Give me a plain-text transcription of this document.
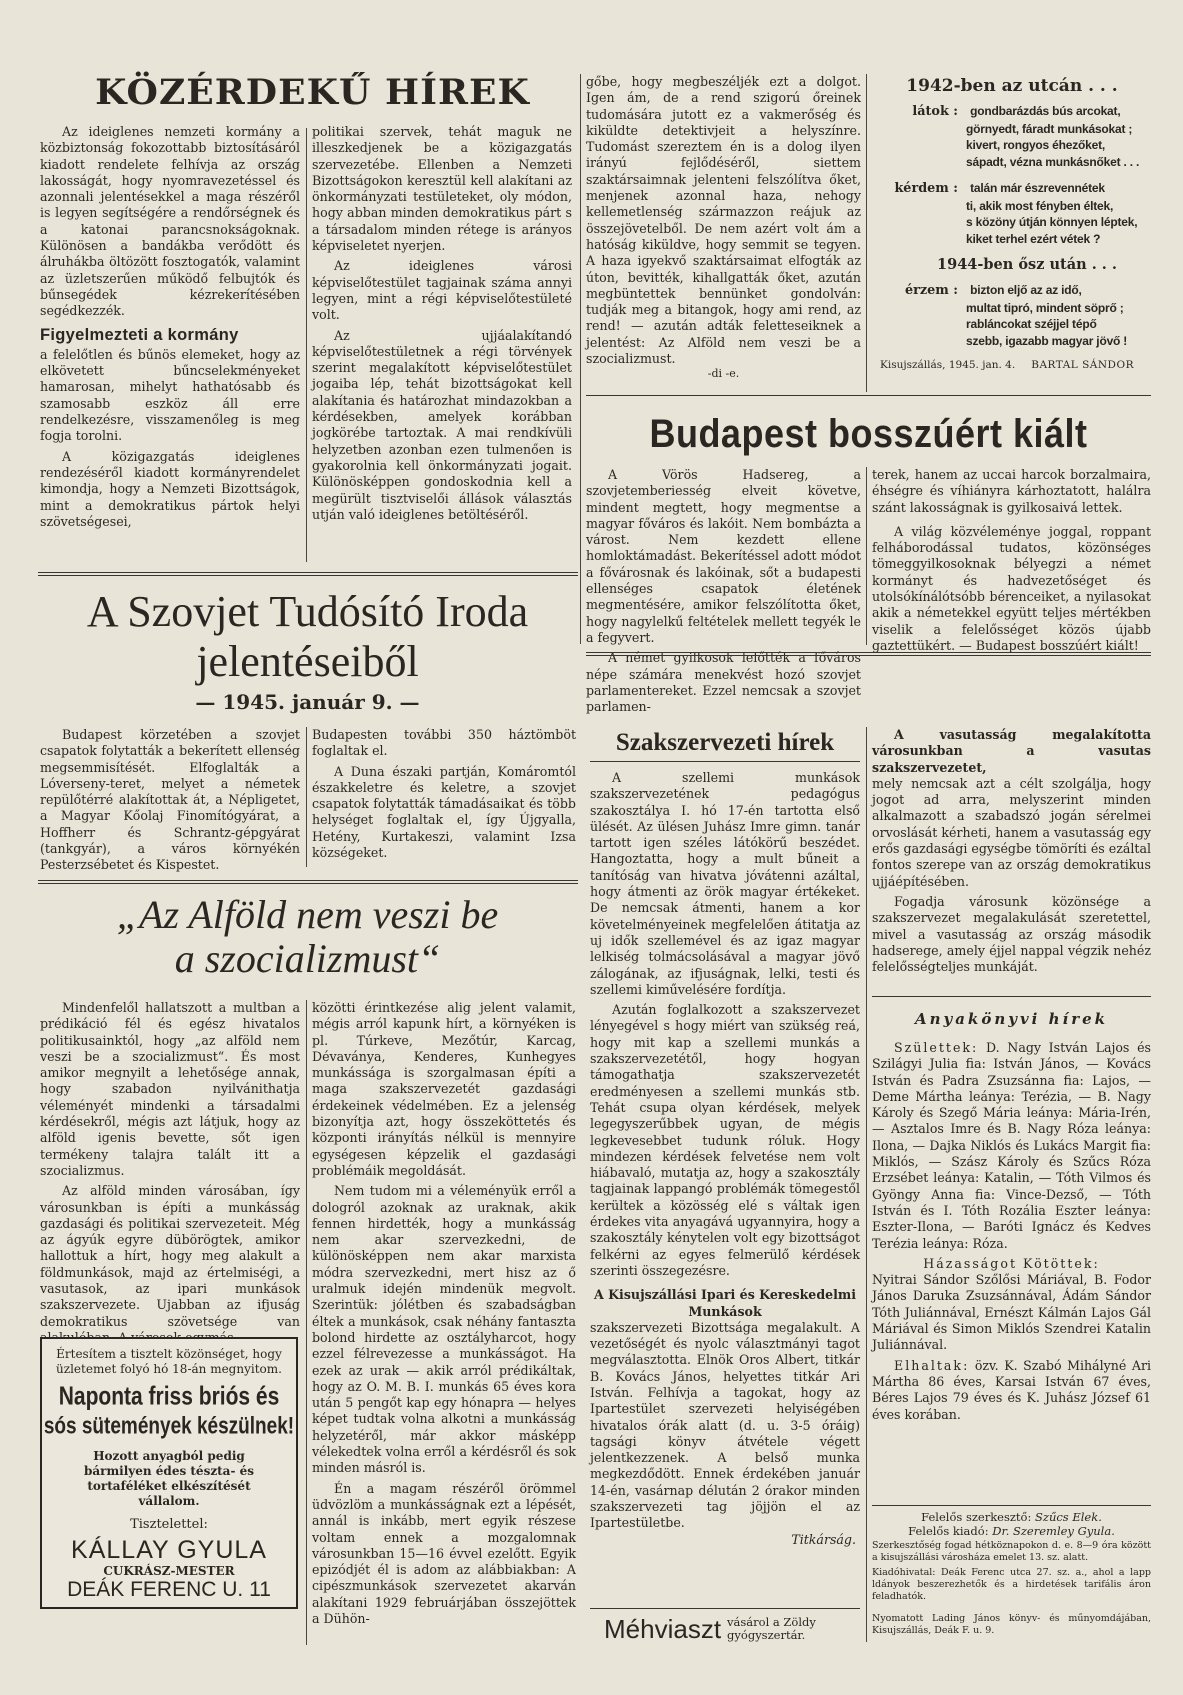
KÖZÉRDEKŰ HÍREK

Az ideiglenes nemzeti kormány a közbiztonság fokozottabb biztosításáról kiadott rendelete felhívja az ország lakosságát, hogy nyomravezetéssel és azonnali jelentésekkel a maga részéről is legyen segítségére a rendőrségnek és a katonai parancsnokságoknak. Különösen a bandákba verődött és álruhákba öltözött fosztogatók, valamint az üzletszerűen működő felbujtók és bűnsegédek kézrekerítésében segédkezzék.

Figyelmezteti a kormány

a felelőtlen és bűnös elemeket, hogy az elkövetett bűncselekményeket hamarosan, mihelyt hathatósabb és szamosabb eszköz áll erre rendelkezésre, visszamenőleg is meg fogja torolni.

A közigazgatás ideiglenes rendezéséről kiadott kormányrendelet kimondja, hogy a Nemzeti Bizottságok, mint a demokratikus pártok helyi szövetségesei,

politikai szervek, tehát maguk ne illeszkedjenek be a közigazgatás szervezetébe. Ellenben a Nemzeti Bizottságokon keresztül kell alakítani az önkormányzati testületeket, oly módon, hogy abban minden demokratikus párt s a társadalom minden rétege is arányos képviseletet nyerjen.

Az ideiglenes városi képviselőtestület tagjainak száma annyi legyen, mint a régi képviselőtestületé volt.

Az ujjáalakítandó képviselőtestületnek a régi törvények szerint megalakított képviselőtestület jogaiba lép, tehát bizottságokat kell alakítania és határozhat mindazokban a kérdésekben, amelyek korábban jogkörébe tartoztak. A mai rendkívüli helyzetben azonban ezen tulmenően is gyakorolnia kell önkormányzati jogait. Különösképpen gondoskodnia kell a megürült tisztviselői állások választás utján való ideiglenes betöltéséről.

gőbe, hogy megbeszéljék ezt a dolgot. Igen ám, de a rend szigorú őreinek tudomására jutott ez a vakmerőség és kiküldte detektivjeit a helyszínre. Tudomást szereztem én is a dolog ilyen irányú fejlődéséről, siettem szaktársaimnak jelenteni felszólítva őket, menjenek azonnal haza, nehogy kellemetlenség származzon reájuk az összejövetelből. De nem azért volt ám a hatóság kiküldve, hogy semmit se tegyen. A haza igyekvő szaktársaimat elfogták az úton, bevitték, kihallgatták őket, azután megbüntettek bennünket gondolván: tudják meg a bitangok, hogy ami rend, az rend! — azután adták feletteseiknek a jelentést: Az Alföld nem veszi be a szocializmust.

-di -e.
1942-ben az utcán . . .
látok : gondbarázdás bús arcokat,
görnyedt, fáradt munkásokat ;
kivert, rongyos éhezőket,
sápadt, vézna munkásnőket . . .
kérdem : talán már észrevennétek
ti, akik most fényben éltek,
s közöny útján könnyen léptek,
kiket terhel ezért vétek ?
1944-ben ősz után . . .
érzem : bizton eljő az az idő,
multat tipró, mindent söprő ;
rabláncokat széjjel tépő
szebb, igazabb magyar jövő !
Kisujszállás, 1945. jan. 4. BARTAL SÁNDOR
Budapest bosszúért kiált

A Vörös Hadsereg, a szovjetemberiesség elveit követve, mindent megtett, hogy megmentse a magyar főváros és lakóit. Nem bombázta a várost. Nem kezdett ellene homloktámadást. Bekerítéssel adott módot a fővárosnak és lakóinak, sőt a budapesti ellenséges csapatok életének megmentésére, amikor felszólította őket, hogy nagylelkű feltételek mellett tegyék le a fegyvert.

A német gyilkosok lelőtték a főváros népe számára menekvést hozó szovjet parlamentereket. Ezzel nemcsak a szovjet parlamen-

terek, hanem az uccai harcok borzalmaira, éhségre és víhiányra kárhoztatott, halálra szánt lakosságnak is gyilkosaivá lettek.

A világ közvéleménye joggal, roppant felháborodással tudatos, közönséges tömeggyilkosoknak bélyegzi a német kormányt és hadvezetőséget és utolsókínálótsóbb bérenceiket, a nyilasokat akik a németekkel együtt teljes mértékben viselik a felelősséget közös újabb gaztettükért. — Budapest bosszúért kiált!

A Szovjet Tudósító Iroda
jelentéseiből
— 1945. január 9. —

Budapest körzetében a szovjet csapatok folytatták a bekerített ellenség megsemmisítését. Elfoglalták a Lóverseny-teret, melyet a németek repülőtérré alakítottak át, a Népligetet, a Magyar Kőolaj Finomítógyárat, a Hoffherr és Schrantz-gépgyárat (tankgyár), a város környékén Pesterzsébetet és Kispestet.

Budapesten további 350 háztömböt foglaltak el.

A Duna északi partján, Komáromtól északkeletre és keletre, a szovjet csapatok folytatták támadásaikat és több helységet foglaltak el, így Újgyalla, Hetény, Kurtakeszi, valamint Izsa községeket.

Szakszervezeti hírek

A szellemi munkások szakszervezetének pedagógus szakosztálya I. hó 17-én tartotta első ülését. Az ülésen Juhász Imre gimn. tanár tartott igen széles látókörű beszédet. Hangoztatta, hogy a mult bűneit a tanítóság van hivatva jóvátenni azáltal, hogy átmenti az örök magyar értékeket. De nemcsak átmenti, hanem a kor követelményeinek megfelelően átitatja az uj idők szellemével és az igaz magyar lelkiség tolmácsolásával a magyar jövő zálogának, az ifjuságnak, lelki, testi és szellemi kiművelésére fordítja.

Azután foglalkozott a szakszervezet lényegével s hogy miért van szükség reá, hogy mit kap a szellemi munkás a szakszervezetétől, hogy hogyan támogathatja szakszervezetét eredményesen a szellemi munkás stb. Tehát csupa olyan kérdések, melyek legegyszerűbbek ugyan, de mégis legkevesebbet tudunk róluk. Hogy mindezen kérdések felvetése nem volt hiábavaló, mutatja az, hogy a szakosztály tagjainak lappangó problémák tömegestől kerültek a közösség elé s váltak igen érdekes vita anyagává ugyannyira, hogy a szakosztály kénytelen volt egy bizottságot felkérni az egyes felmerülő kérdések szerinti összegezésre.

A Kisujszállási Ipari és Kereskedelmi Munkások

szakszervezeti Bizottsága megalakult. A vezetőségét és nyolc választmányi tagot megválasztotta. Elnök Oros Albert, titkár B. Kovács János, helyettes titkár Ari István. Felhívja a tagokat, hogy az Ipartestület szervezeti helyiségében hivatalos órák alatt (d. u. 3-5 óráig) tagsági könyv átvétele végett jelentkezzenek. A belső munka megkezdődött. Ennek érdekében január 14-én, vasárnap délután 2 órakor minden szakszervezeti tag jöjjön el az Ipartestületbe.

Titkárság.

A vasutasság megalakította városunkban a vasutas szakszervezetet,

mely nemcsak azt a célt szolgálja, hogy jogot ad arra, melyszerint minden alkalmazott a szabadszó jogán sérelmei orvoslását kérheti, hanem a vasutasság egy erős gazdasági egységbe tömöríti és ezáltal fontos szerepe van az ország demokratikus ujjáépítésében.

Fogadja városunk közönsége a szakszervezet megalakulását szeretettel, mivel a vasutasság az ország második hadserege, amely éjjel nappal végzik nehéz felelősségteljes munkáját.

Anyakönyvi hírek

Születtek: D. Nagy István Lajos és Szilágyi Julia fia: István János, — Kovács István és Padra Zsuzsánna fia: Lajos, — Deme Mártha leánya: Terézia, — B. Nagy Károly és Szegő Mária leánya: Mária-Irén, — Asztalos Imre és B. Nagy Róza leánya: Ilona, — Dajka Niklós és Lukács Margit fia: Miklós, — Szász Károly és Szűcs Róza Erzsébet leánya: Katalin, — Tóth Vilmos és Gyöngy Anna fia: Vince-Dezső, — Tóth István és I. Tóth Rozália Eszter leánya: Eszter-Ilona, — Baróti Ignácz és Kedves Terézia leánya: Róza.

Házasságot Kötöttek:

Nyitrai Sándor Szőlősi Máriával, B. Fodor János Daruka Zsuzsánnával, Ádám Sándor Tóth Juliánnával, Ernészt Kálmán Lajos Gál Máriával és Simon Miklós Szendrei Katalin Juliánnával.

Elhaltak: özv. K. Szabó Mihályné Ari Mártha 86 éves, Karsai István 67 éves, Béres Lajos 79 éves és K. Juhász József 61 éves korában.

Felelős szerkesztő: Szűcs Elek.
Felelős kiadó: Dr. Szeremley Gyula.
Szerkesztőség fogad hétköznapokon d. e. 8—9 óra között a kisujszállási városháza emelet 13. sz. alatt.
Kiadóhivatal: Deák Ferenc utca 27. sz. a., ahol a lapp ldányok beszerezhetők és a hirdetések tarifális áron feladhatók.
Nyomatott Lading János könyv- és műnyomdájában, Kisujszállás, Deák F. u. 9.
„Az Alföld nem veszi be
a szocializmust“

Mindenfelől hallatszott a multban a prédikáció fél és egész hivatalos politikusainktól, hogy „az alföld nem veszi be a szocializmust“. És most amikor megnyilt a lehetősége annak, hogy szabadon nyilvánithatja véleményét mindenki a társadalmi kérdésekről, mégis azt látjuk, hogy az alföld igenis bevette, sőt igen termékeny talajra talált itt a szocializmus.

Az alföld minden városában, így városunkban is építi a munkásság gazdasági és politikai szervezeteit. Még az ágyúk egyre dübörögtek, amikor hallottuk a hírt, hogy meg alakult a földmunkások, majd az értelmiségi, a vasutasok, az ipari munkások szakszervezete. Ujabban az ifjuság demokratikus szövetsége van

közötti érintkezése alig jelent valamit, mégis arról kapunk hírt, a környéken is pl. Túrkeve, Mezőtúr, Karcag, Dévaványa, Kenderes, Kunhegyes munkássága is szorgalmasan építi a maga szakszervezetét gazdasági érdekeinek védelmében. Ez a jelenség bizonyítja azt, hogy összeköttetés és központi irányítás nélkül is mennyire egységesen képzelik el gazdasági problémáik megoldását.

Nem tudom mi a véleményük erről a dologról azoknak az uraknak, akik fennen hirdették, hogy a munkásság nem akar szervezkedni, de különösképpen nem akar marxista módra szervezkedni, mert hisz az ő uralmuk idején mindenük megvolt. Szerintük: jólétben és szabadságban éltek a munkások, csak néhány fantaszta bolond hirdette az osztályharcot, hogy ezzel félrevezesse a munkásságot. Ha ezek az urak — akik arról prédikáltak, hogy az O. M. B. I. munkás 65 éves kora után 5 pengőt kap egy hónapra — helyes képet tudtak volna alkotni a munkásság helyzetéről, már akkor másképp vélekedtek volna erről a kérdésről és sok minden másról is.

Én a magam részéről örömmel üdvözlöm a munkásságnak ezt a lépését, annál is inkább, mert egyik részese voltam ennek a mozgalomnak városunkban 15—16 évvel ezelőtt. Egyik epizódjét él is adom az alábbiakban: A cipészmunkások szervezetet akarván alakítani 1929 februárjában összejöttek a Dühön-

Értesítem a tisztelt közönséget, hogy üzletemet folyó hó 18-án megnyitom.
Naponta friss briós és
sós sütemények készülnek!
Hozott anyagból pedig bármilyen édes tészta- és tortaféléket elkészítését vállalom.
Tisztelettel:
KÁLLAY GYULA
CUKRÁSZ-MESTER
DEÁK FERENC U. 11
Méhviaszt vásárol a Zöldy gyógyszertár.
